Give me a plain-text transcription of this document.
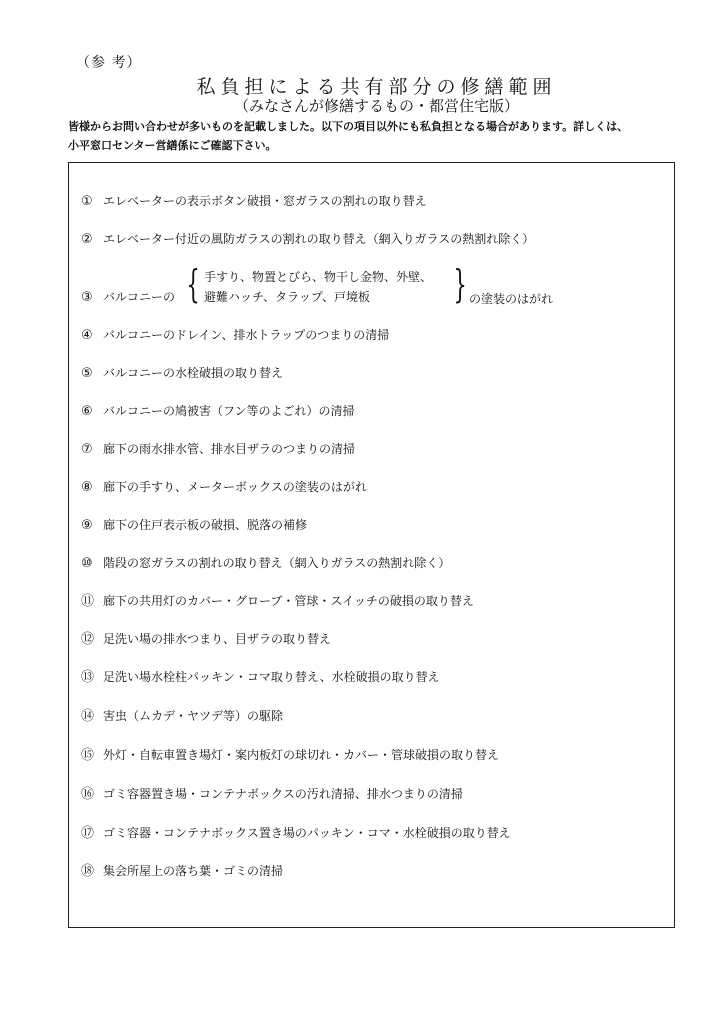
（参 考）
私負担による共有部分の修繕範囲
（みなさんが修繕するもの・都営住宅版）
皆様からお問い合わせが多いものを記載しました。以下の項目以外にも私負担となる場合があります。詳しくは、
小平窓口センター営繕係にご確認下さい。
① エレベーターの表示ボタン破損・窓ガラスの割れの取り替え
② エレベーター付近の風防ガラスの割れの取り替え（網入りガラスの熱割れ除く）
③ バルコニーの { 手すり、物置とびら、物干し金物、外壁、
避難ハッチ、タラップ、戸境板 } の塗装のはがれ
④ バルコニーのドレイン、排水トラップのつまりの清掃
⑤ バルコニーの水栓破損の取り替え
⑥ バルコニーの鳩被害（フン等のよごれ）の清掃
⑦ 廊下の雨水排水管、排水目ザラのつまりの清掃
⑧ 廊下の手すり、メーターボックスの塗装のはがれ
⑨ 廊下の住戸表示板の破損、脱落の補修
⑩ 階段の窓ガラスの割れの取り替え（網入りガラスの熱割れ除く）
⑪ 廊下の共用灯のカバー・グローブ・管球・スイッチの破損の取り替え
⑫ 足洗い場の排水つまり、目ザラの取り替え
⑬ 足洗い場水栓柱パッキン・コマ取り替え、水栓破損の取り替え
⑭ 害虫（ムカデ・ヤツデ等）の駆除
⑮ 外灯・自転車置き場灯・案内板灯の球切れ・カバー・管球破損の取り替え
⑯ ゴミ容器置き場・コンテナボックスの汚れ清掃、排水つまりの清掃
⑰ ゴミ容器・コンテナボックス置き場のパッキン・コマ・水栓破損の取り替え
⑱ 集会所屋上の落ち葉・ゴミの清掃
